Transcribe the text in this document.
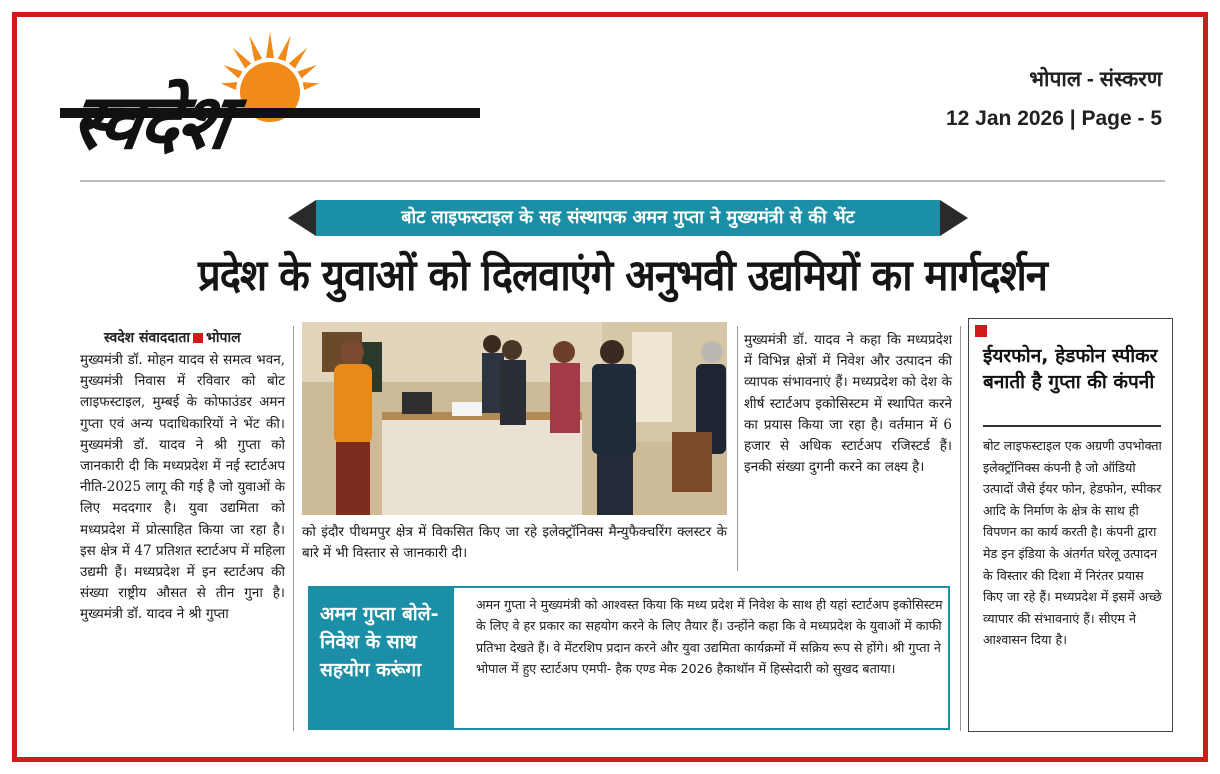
स्वदेश	भोपाल - संस्करण
12 Jan 2026 | Page - 5
बोट लाइफस्टाइल के सह संस्थापक अमन गुप्ता ने मुख्यमंत्री से की भेंट
प्रदेश के युवाओं को दिलवाएंगे अनुभवी उद्यमियों का मार्गदर्शन
स्वदेश संवाददाता भोपाल
मुख्यमंत्री डॉ. मोहन यादव से समत्व भवन, मुख्यमंत्री निवास में रविवार को बोट लाइफस्टाइल, मुम्बई के कोफाउंडर अमन गुप्ता एवं अन्य पदाधिकारियों ने भेंट की। मुख्यमंत्री डॉ. यादव ने श्री गुप्ता को जानकारी दी कि मध्यप्रदेश में नई स्टार्टअप नीति-2025 लागू की गई है जो युवाओं के लिए मददगार है। युवा उद्यमिता को मध्यप्रदेश में प्रोत्साहित किया जा रहा है। इस क्षेत्र में 47 प्रतिशत स्टार्टअप में महिला उद्यमी हैं। मध्यप्रदेश में इन स्टार्टअप की संख्या राष्ट्रीय औसत से तीन गुना है। मुख्यमंत्री डॉ. यादव ने श्री गुप्ता
को इंदौर पीथमपुर क्षेत्र में विकसित किए जा रहे इलेक्ट्रॉनिक्स मैन्युफैक्चरिंग क्लस्टर के बारे में भी विस्तार से जानकारी दी।
मुख्यमंत्री डॉ. यादव ने कहा कि मध्यप्रदेश में विभिन्न क्षेत्रों में निवेश और उत्पादन की व्यापक संभावनाएं हैं। मध्यप्रदेश को देश के शीर्ष स्टार्टअप इकोसिस्टम में स्थापित करने का प्रयास किया जा रहा है। वर्तमान में 6 हजार से अधिक स्टार्टअप रजिस्टर्ड हैं। इनकी संख्या दुगनी करने का लक्ष्य है।
अमन गुप्ता बोले- निवेश के साथ सहयोग करूंगा
अमन गुप्ता ने मुख्यमंत्री को आश्वस्त किया कि मध्य प्रदेश में निवेश के साथ ही यहां स्टार्टअप इकोसिस्टम के लिए वे हर प्रकार का सहयोग करने के लिए तैयार हैं। उन्होंने कहा कि वे मध्यप्रदेश के युवाओं में काफी प्रतिभा देखते हैं। वे मेंटरशिप प्रदान करने और युवा उद्यमिता कार्यक्रमों में सक्रिय रूप से होंगे। श्री गुप्ता ने भोपाल में हुए स्टार्टअप एमपी- हैक एण्ड मेक 2026 हैकाथॉन में हिस्सेदारी को सुखद बताया।
ईयरफोन, हेडफोन स्पीकर बनाती है गुप्ता की कंपनी
बोट लाइफस्टाइल एक अग्रणी उपभोक्ता इलेक्ट्रॉनिक्स कंपनी है जो ऑडियो उत्पादों जैसे ईयर फोन, हेडफोन, स्पीकर आदि के निर्माण के क्षेत्र के साथ ही विपणन का कार्य करती है। कंपनी द्वारा मेड इन इंडिया के अंतर्गत घरेलू उत्पादन के विस्तार की दिशा में निरंतर प्रयास किए जा रहे हैं। मध्यप्रदेश में इसमें अच्छे व्यापार की संभावनाएं हैं। सीएम ने आश्वासन दिया है।
